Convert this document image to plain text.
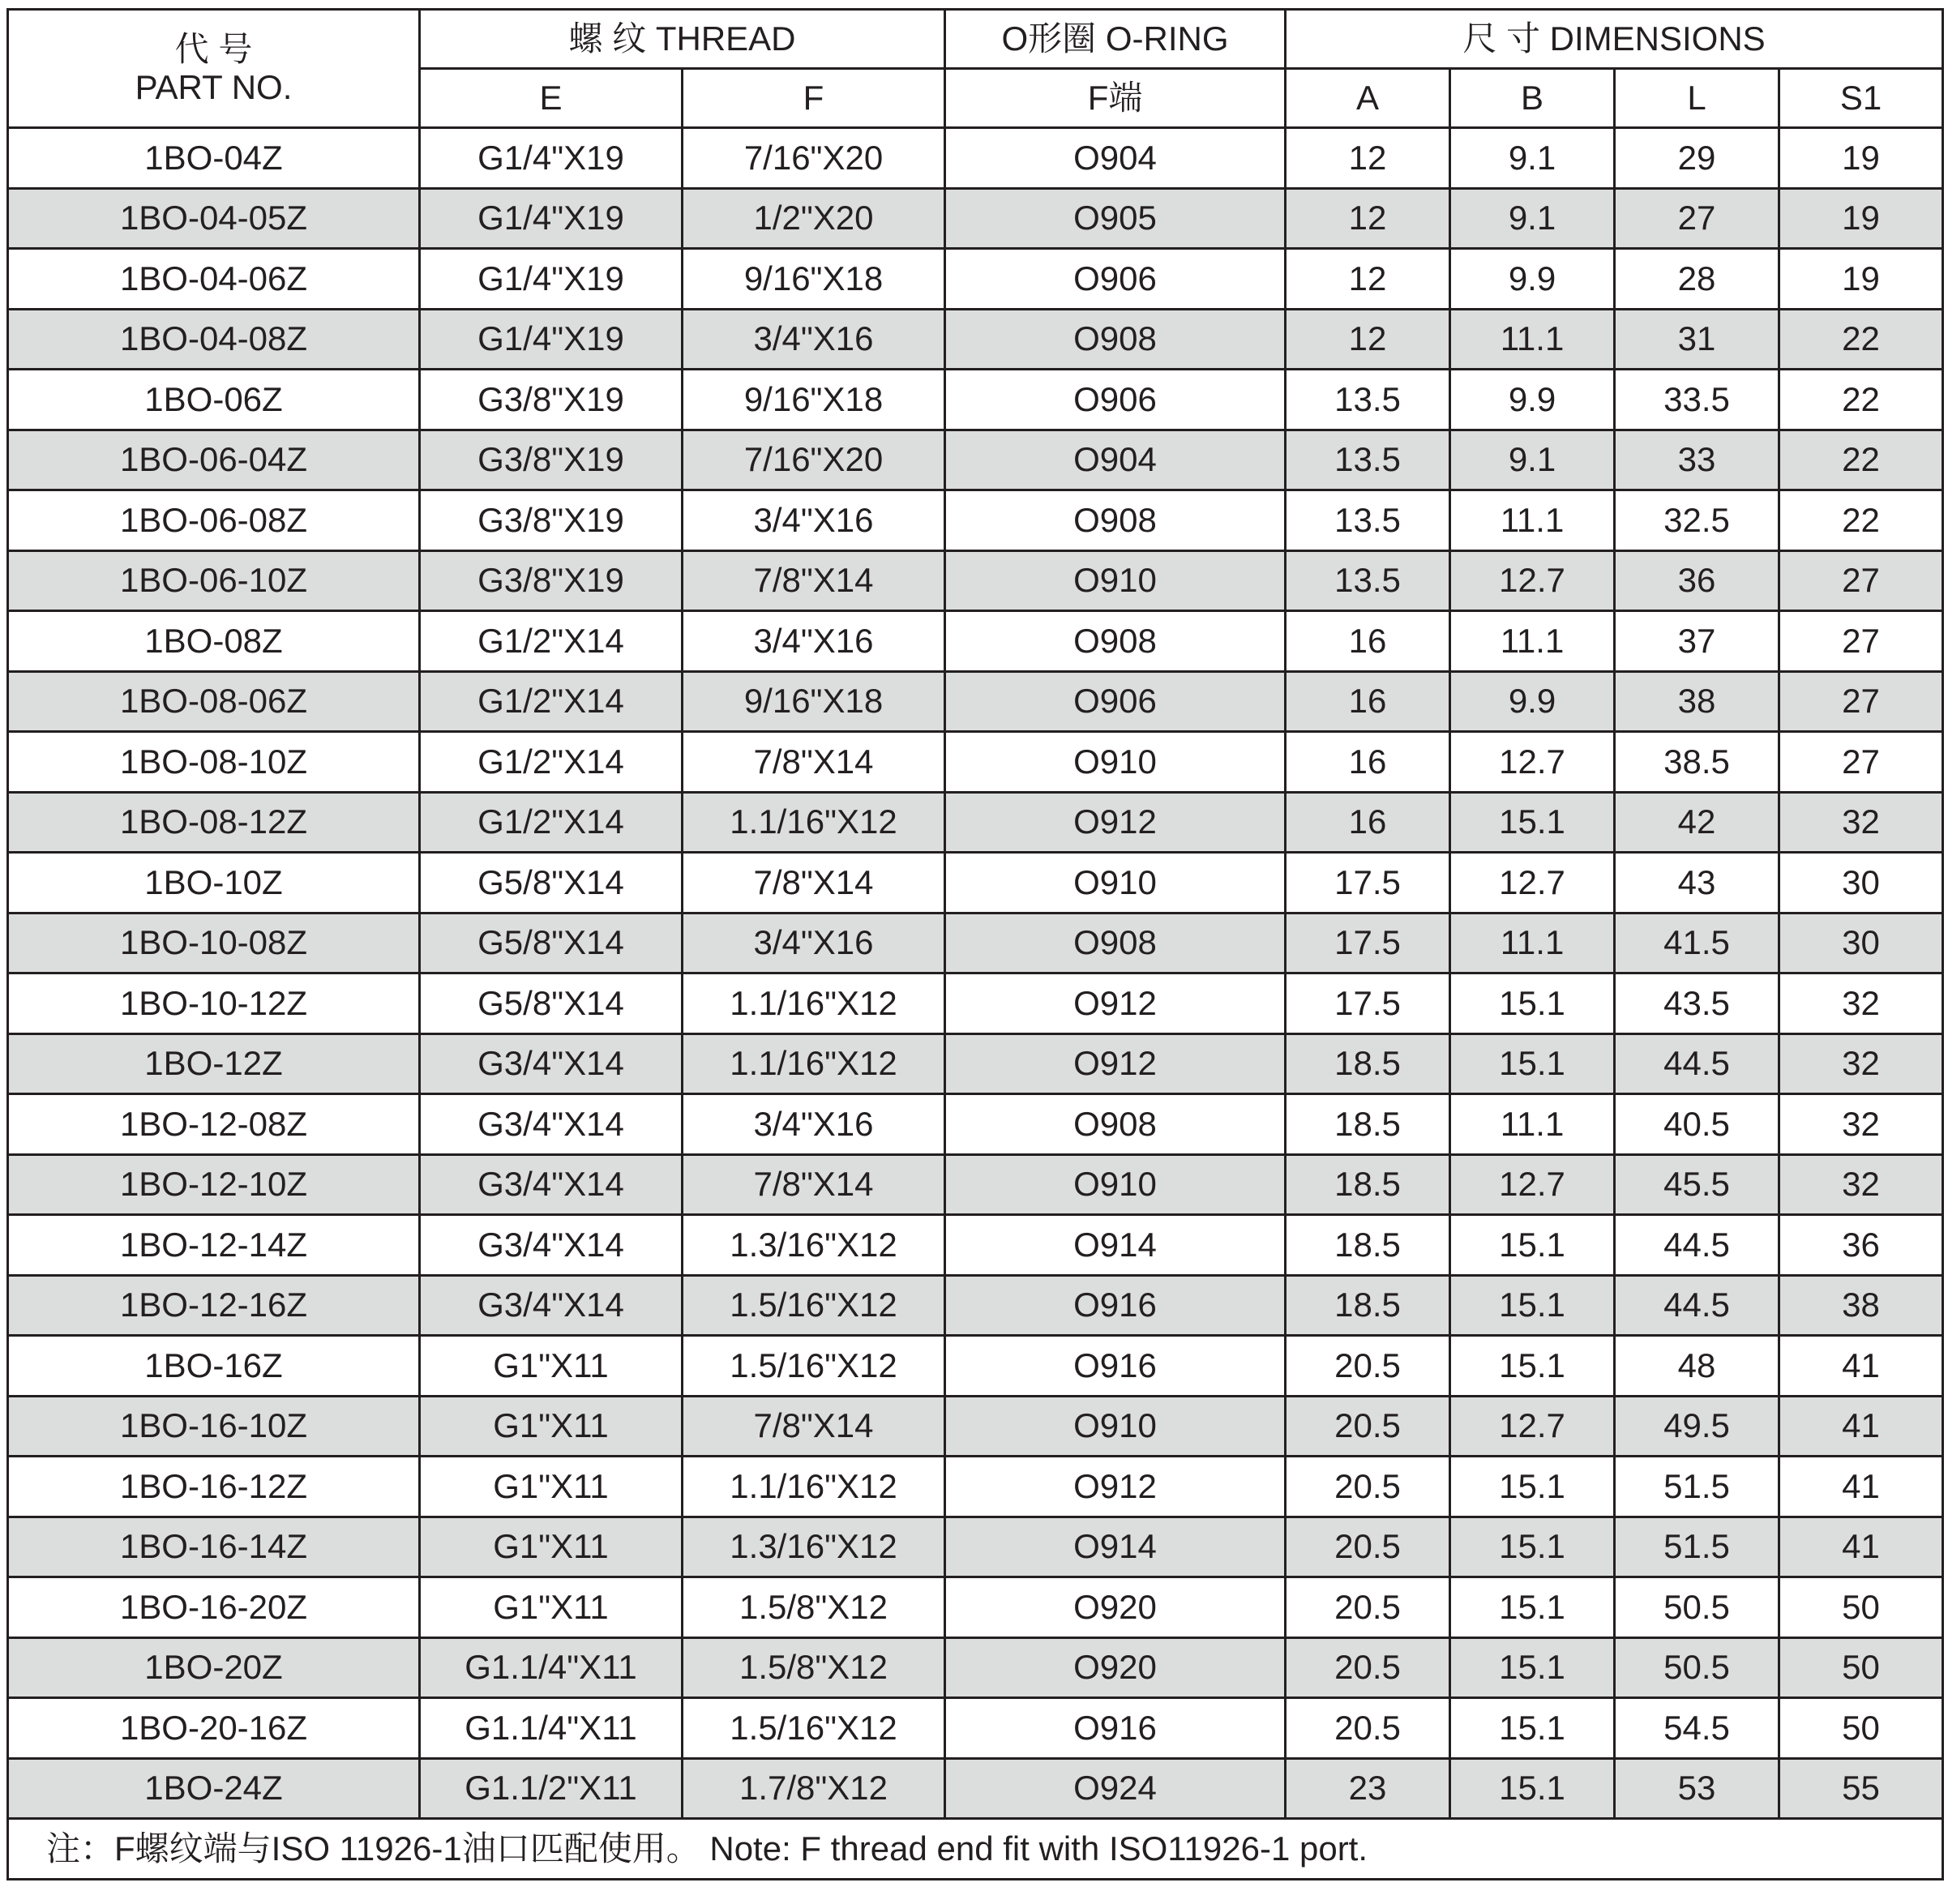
代 号
PART NO.	螺 纹 THREAD		O形圈 O-RING	尺 寸 DIMENSIONS			
	E	F	F端	A	B	L	S1
1BO-04Z	G1/4"X19	7/16"X20	O904	12	9.1	29	19
1BO-04-05Z	G1/4"X19	1/2"X20	O905	12	9.1	27	19
1BO-04-06Z	G1/4"X19	9/16"X18	O906	12	9.9	28	19
1BO-04-08Z	G1/4"X19	3/4"X16	O908	12	11.1	31	22
1BO-06Z	G3/8"X19	9/16"X18	O906	13.5	9.9	33.5	22
1BO-06-04Z	G3/8"X19	7/16"X20	O904	13.5	9.1	33	22
1BO-06-08Z	G3/8"X19	3/4"X16	O908	13.5	11.1	32.5	22
1BO-06-10Z	G3/8"X19	7/8"X14	O910	13.5	12.7	36	27
1BO-08Z	G1/2"X14	3/4"X16	O908	16	11.1	37	27
1BO-08-06Z	G1/2"X14	9/16"X18	O906	16	9.9	38	27
1BO-08-10Z	G1/2"X14	7/8"X14	O910	16	12.7	38.5	27
1BO-08-12Z	G1/2"X14	1.1/16"X12	O912	16	15.1	42	32
1BO-10Z	G5/8"X14	7/8"X14	O910	17.5	12.7	43	30
1BO-10-08Z	G5/8"X14	3/4"X16	O908	17.5	11.1	41.5	30
1BO-10-12Z	G5/8"X14	1.1/16"X12	O912	17.5	15.1	43.5	32
1BO-12Z	G3/4"X14	1.1/16"X12	O912	18.5	15.1	44.5	32
1BO-12-08Z	G3/4"X14	3/4"X16	O908	18.5	11.1	40.5	32
1BO-12-10Z	G3/4"X14	7/8"X14	O910	18.5	12.7	45.5	32
1BO-12-14Z	G3/4"X14	1.3/16"X12	O914	18.5	15.1	44.5	36
1BO-12-16Z	G3/4"X14	1.5/16"X12	O916	18.5	15.1	44.5	38
1BO-16Z	G1"X11	1.5/16"X12	O916	20.5	15.1	48	41
1BO-16-10Z	G1"X11	7/8"X14	O910	20.5	12.7	49.5	41
1BO-16-12Z	G1"X11	1.1/16"X12	O912	20.5	15.1	51.5	41
1BO-16-14Z	G1"X11	1.3/16"X12	O914	20.5	15.1	51.5	41
1BO-16-20Z	G1"X11	1.5/8"X12	O920	20.5	15.1	50.5	50
1BO-20Z	G1.1/4"X11	1.5/8"X12	O920	20.5	15.1	50.5	50
1BO-20-16Z	G1.1/4"X11	1.5/16"X12	O916	20.5	15.1	54.5	50
1BO-24Z	G1.1/2"X11	1.7/8"X12	O924	23	15.1	53	55
注：F螺纹端与ISO 11926-1油口匹配使用。 Note: F thread end fit with ISO11926-1 port.							
